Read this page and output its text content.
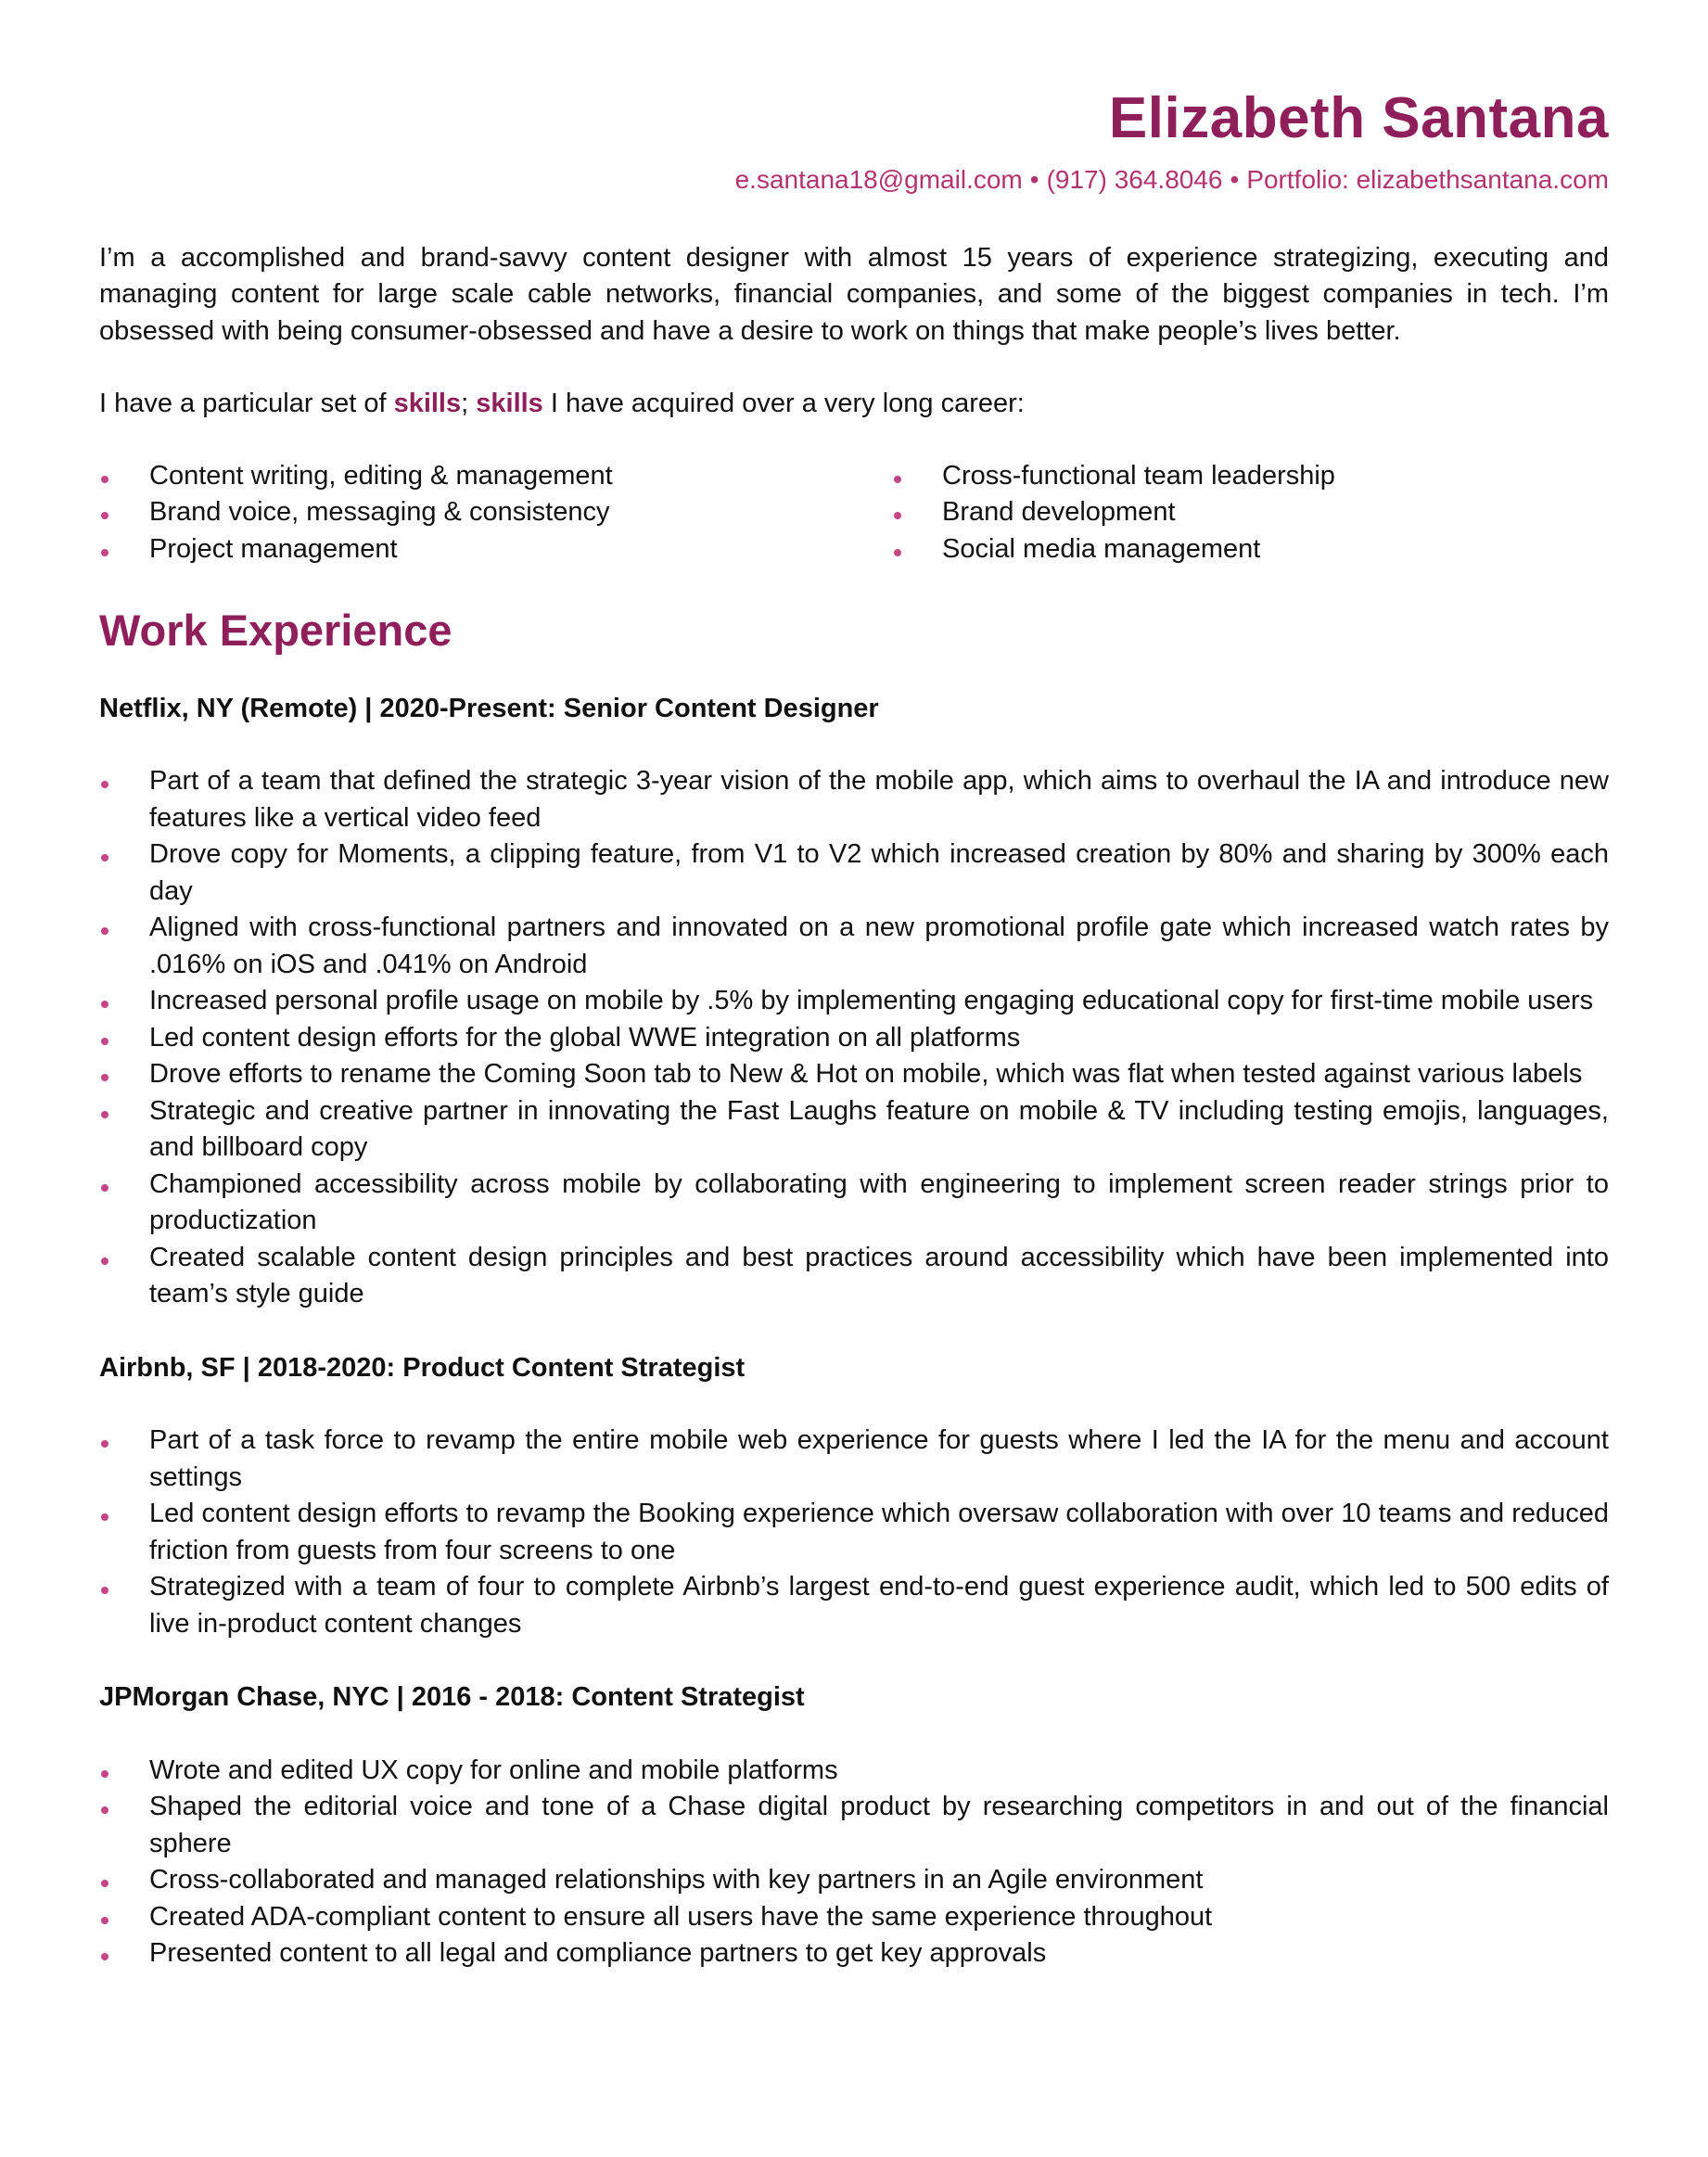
Elizabeth Santana
e.santana18@gmail.com • (917) 364.8046 • Portfolio: elizabethsantana.com

I’m a accomplished and brand-savvy content designer with almost 15 years of experience strategizing, executing and managing content for large scale cable networks, financial companies, and some of the biggest companies in tech. I’m obsessed with being consumer-obsessed and have a desire to work on things that make people’s lives better.

I have a particular set of skills; skills I have acquired over a very long career:

Content writing, editing & management
Brand voice, messaging & consistency
Project management
Cross-functional team leadership
Brand development
Social media management
Work Experience
Netflix, NY (Remote) | 2020-Present: Senior Content Designer
Part of a team that defined the strategic 3-year vision of the mobile app, which aims to overhaul the IA and introduce new features like a vertical video feed
Drove copy for Moments, a clipping feature, from V1 to V2 which increased creation by 80% and sharing by 300% each day
Aligned with cross-functional partners and innovated on a new promotional profile gate which increased watch rates by .016% on iOS and .041% on Android
Increased personal profile usage on mobile by .5% by implementing engaging educational copy for first-time mobile users
Led content design efforts for the global WWE integration on all platforms
Drove efforts to rename the Coming Soon tab to New & Hot on mobile, which was flat when tested against various labels
Strategic and creative partner in innovating the Fast Laughs feature on mobile & TV including testing emojis, languages, and billboard copy
Championed accessibility across mobile by collaborating with engineering to implement screen reader strings prior to productization
Created scalable content design principles and best practices around accessibility which have been implemented into team’s style guide
Airbnb, SF | 2018-2020: Product Content Strategist
Part of a task force to revamp the entire mobile web experience for guests where I led the IA for the menu and account settings
Led content design efforts to revamp the Booking experience which oversaw collaboration with over 10 teams and reduced friction from guests from four screens to one
Strategized with a team of four to complete Airbnb’s largest end-to-end guest experience audit, which led to 500 edits of live in-product content changes
JPMorgan Chase, NYC | 2016 - 2018: Content Strategist
Wrote and edited UX copy for online and mobile platforms
Shaped the editorial voice and tone of a Chase digital product by researching competitors in and out of the financial sphere
Cross-collaborated and managed relationships with key partners in an Agile environment
Created ADA-compliant content to ensure all users have the same experience throughout
Presented content to all legal and compliance partners to get key approvals
